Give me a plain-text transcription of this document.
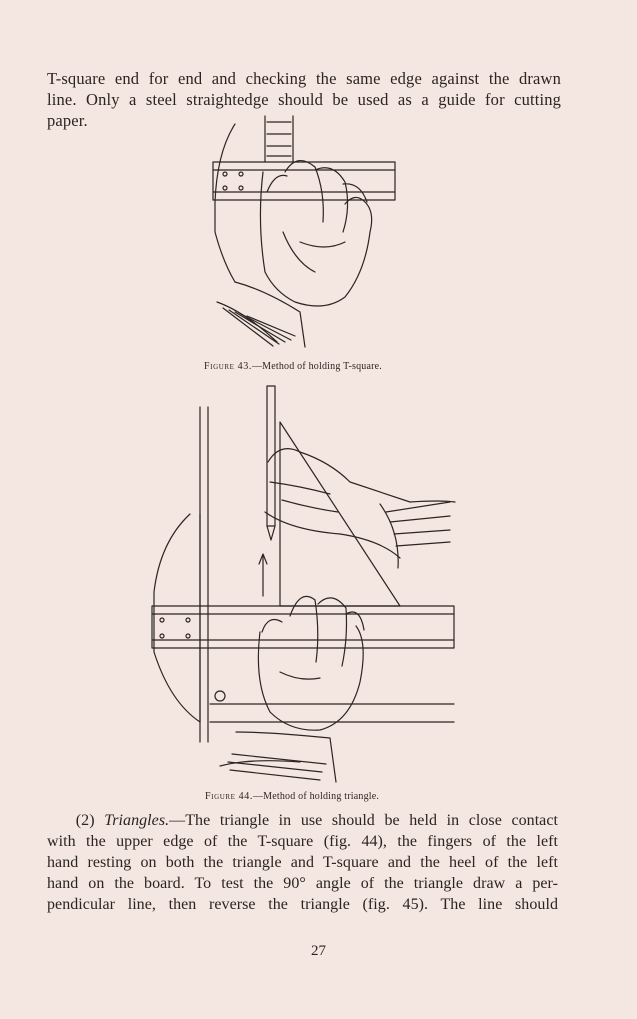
T-square end for end and checking the same edge against the drawn
line. Only a steel straightedge should be used as a guide for cutting
paper.
Figure 43.—Method of holding T-square.
Figure 44.—Method of holding triangle.
(2) Triangles.—The triangle in use should be held in close contact
with the upper edge of the T-square (fig. 44), the fingers of the left
hand resting on both the triangle and T-square and the heel of the left
hand on the board. To test the 90° angle of the triangle draw a per-
pendicular line, then reverse the triangle (fig. 45). The line should
27
